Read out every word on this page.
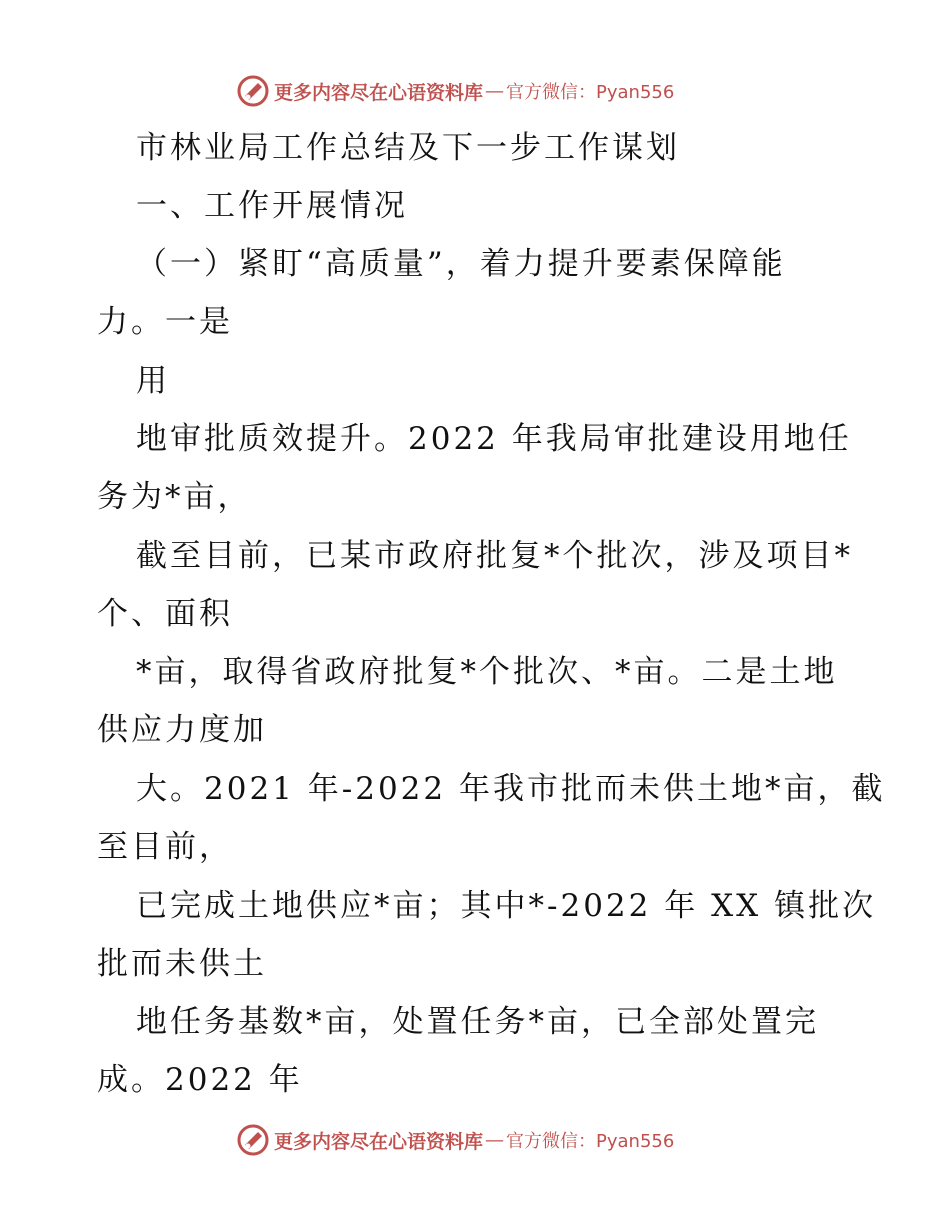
更多内容尽在心语资料库 — 官方微信：Pyan556
市林业局工作总结及下一步工作谋划
一、工作开展情况
（一）紧盯“高质量”，着力提升要素保障能
力。一是
用
地审批质效提升。2022 年我局审批建设用地任
务为*亩，
截至目前，已某市政府批复*个批次，涉及项目*
个、面积
*亩，取得省政府批复*个批次、*亩。二是土地
供应力度加
大。2021 年-2022 年我市批而未供土地*亩，截
至目前，
已完成土地供应*亩；其中*-2022 年 XX 镇批次
批而未供土
地任务基数*亩，处置任务*亩，已全部处置完
成。2022 年
更多内容尽在心语资料库 — 官方微信：Pyan556
